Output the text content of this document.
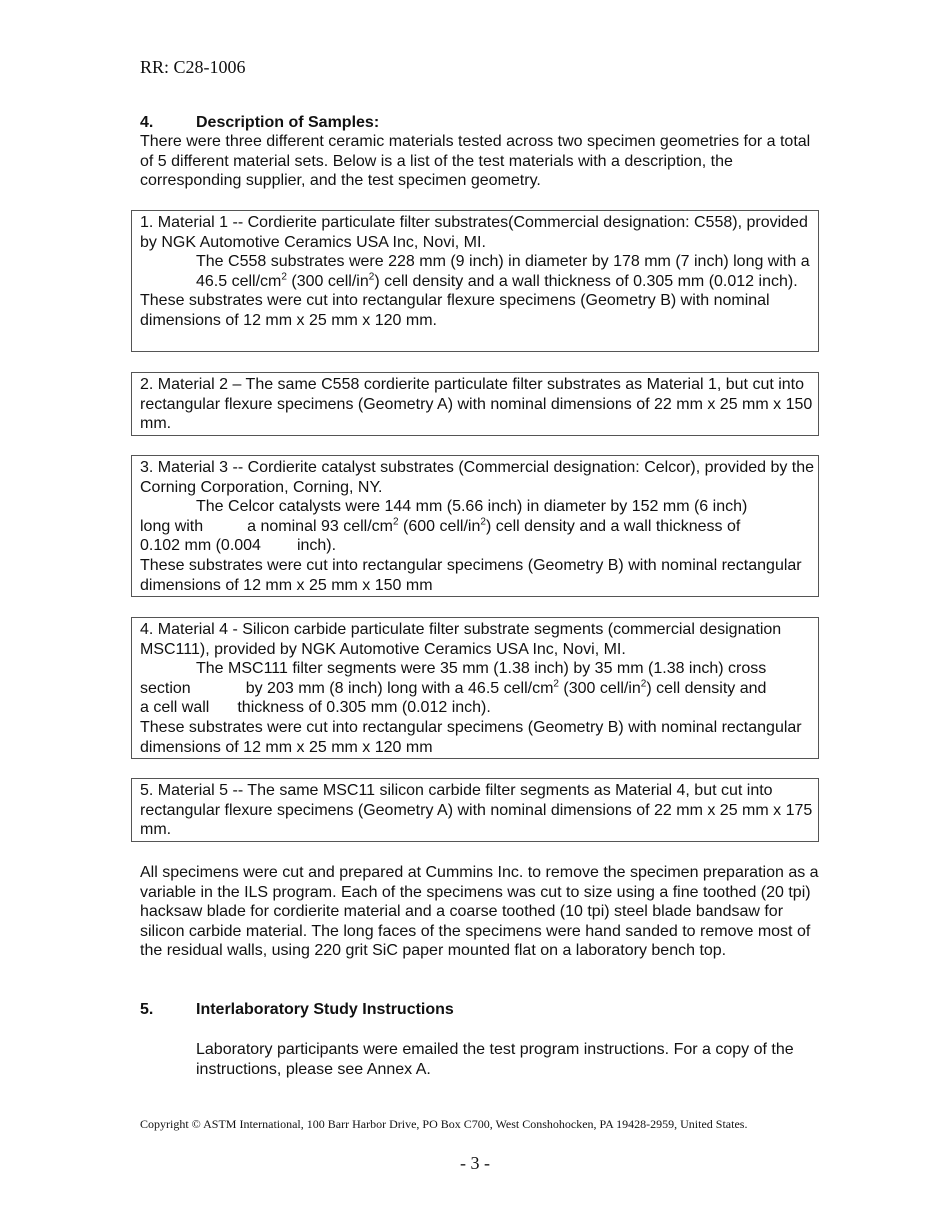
RR: C28-1006
4.	Description of Samples:
There were three different ceramic materials tested across two specimen geometries for a total of 5 different material sets. Below is a list of the test materials with a description, the corresponding supplier, and the test specimen geometry.

1. Material 1 -- Cordierite particulate filter substrates(Commercial designation: C558), provided by NGK Automotive Ceramics USA Inc, Novi, MI.

The C558 substrates were 228 mm (9 inch) in diameter by 178 mm (7 inch) long with a 46.5 cell/$cm^2$ (300 cell/$in^2$) cell density and a wall thickness of 0.305 mm (0.012 inch).

These substrates were cut into rectangular flexure specimens (Geometry B) with nominal dimensions of 12 mm x 25 mm x 120 mm.

2. Material 2 – The same C558 cordierite particulate filter substrates as Material 1, but cut into rectangular flexure specimens (Geometry A) with nominal dimensions of 22 mm x 25 mm x 150 mm.

3. Material 3 -- Cordierite catalyst substrates (Commercial designation: Celcor), provided by the Corning Corporation, Corning, NY.

The Celcor catalysts were 144 mm (5.66 inch) in diameter by 152 mm (6 inch)

long with	a nominal 93 cell/$cm^2$ (600 cell/$in^2$) cell density and a wall thickness of

0.102 mm (0.004 inch).

These substrates were cut into rectangular specimens (Geometry B) with nominal rectangular dimensions of 12 mm x 25 mm x 150 mm

4. Material 4 - Silicon carbide particulate filter substrate segments (commercial designation MSC111), provided by NGK Automotive Ceramics USA Inc, Novi, MI.

The MSC111 filter segments were 35 mm (1.38 inch) by 35 mm (1.38 inch) cross

section	by 203 mm (8 inch) long with a 46.5 cell/$cm^2$ (300 cell/$in^2$) cell density and

a cell wall thickness of 0.305 mm (0.012 inch).

These substrates were cut into rectangular specimens (Geometry B) with nominal rectangular dimensions of 12 mm x 25 mm x 120 mm

5. Material 5 -- The same MSC11 silicon carbide filter segments as Material 4, but cut into rectangular flexure specimens (Geometry A) with nominal dimensions of 22 mm x 25 mm x 175 mm.

All specimens were cut and prepared at Cummins Inc. to remove the specimen preparation as a variable in the ILS program. Each of the specimens was cut to size using a fine toothed (20 tpi) hacksaw blade for cordierite material and a coarse toothed (10 tpi) steel blade bandsaw for silicon carbide material. The long faces of the specimens were hand sanded to remove most of the residual walls, using 220 grit SiC paper mounted flat on a laboratory bench top.

5.	Interlaboratory Study Instructions

Laboratory participants were emailed the test program instructions. For a copy of the instructions, please see Annex A.

Copyright © ASTM International, 100 Barr Harbor Drive, PO Box C700, West Conshohocken, PA 19428-2959, United States.
- 3 -
